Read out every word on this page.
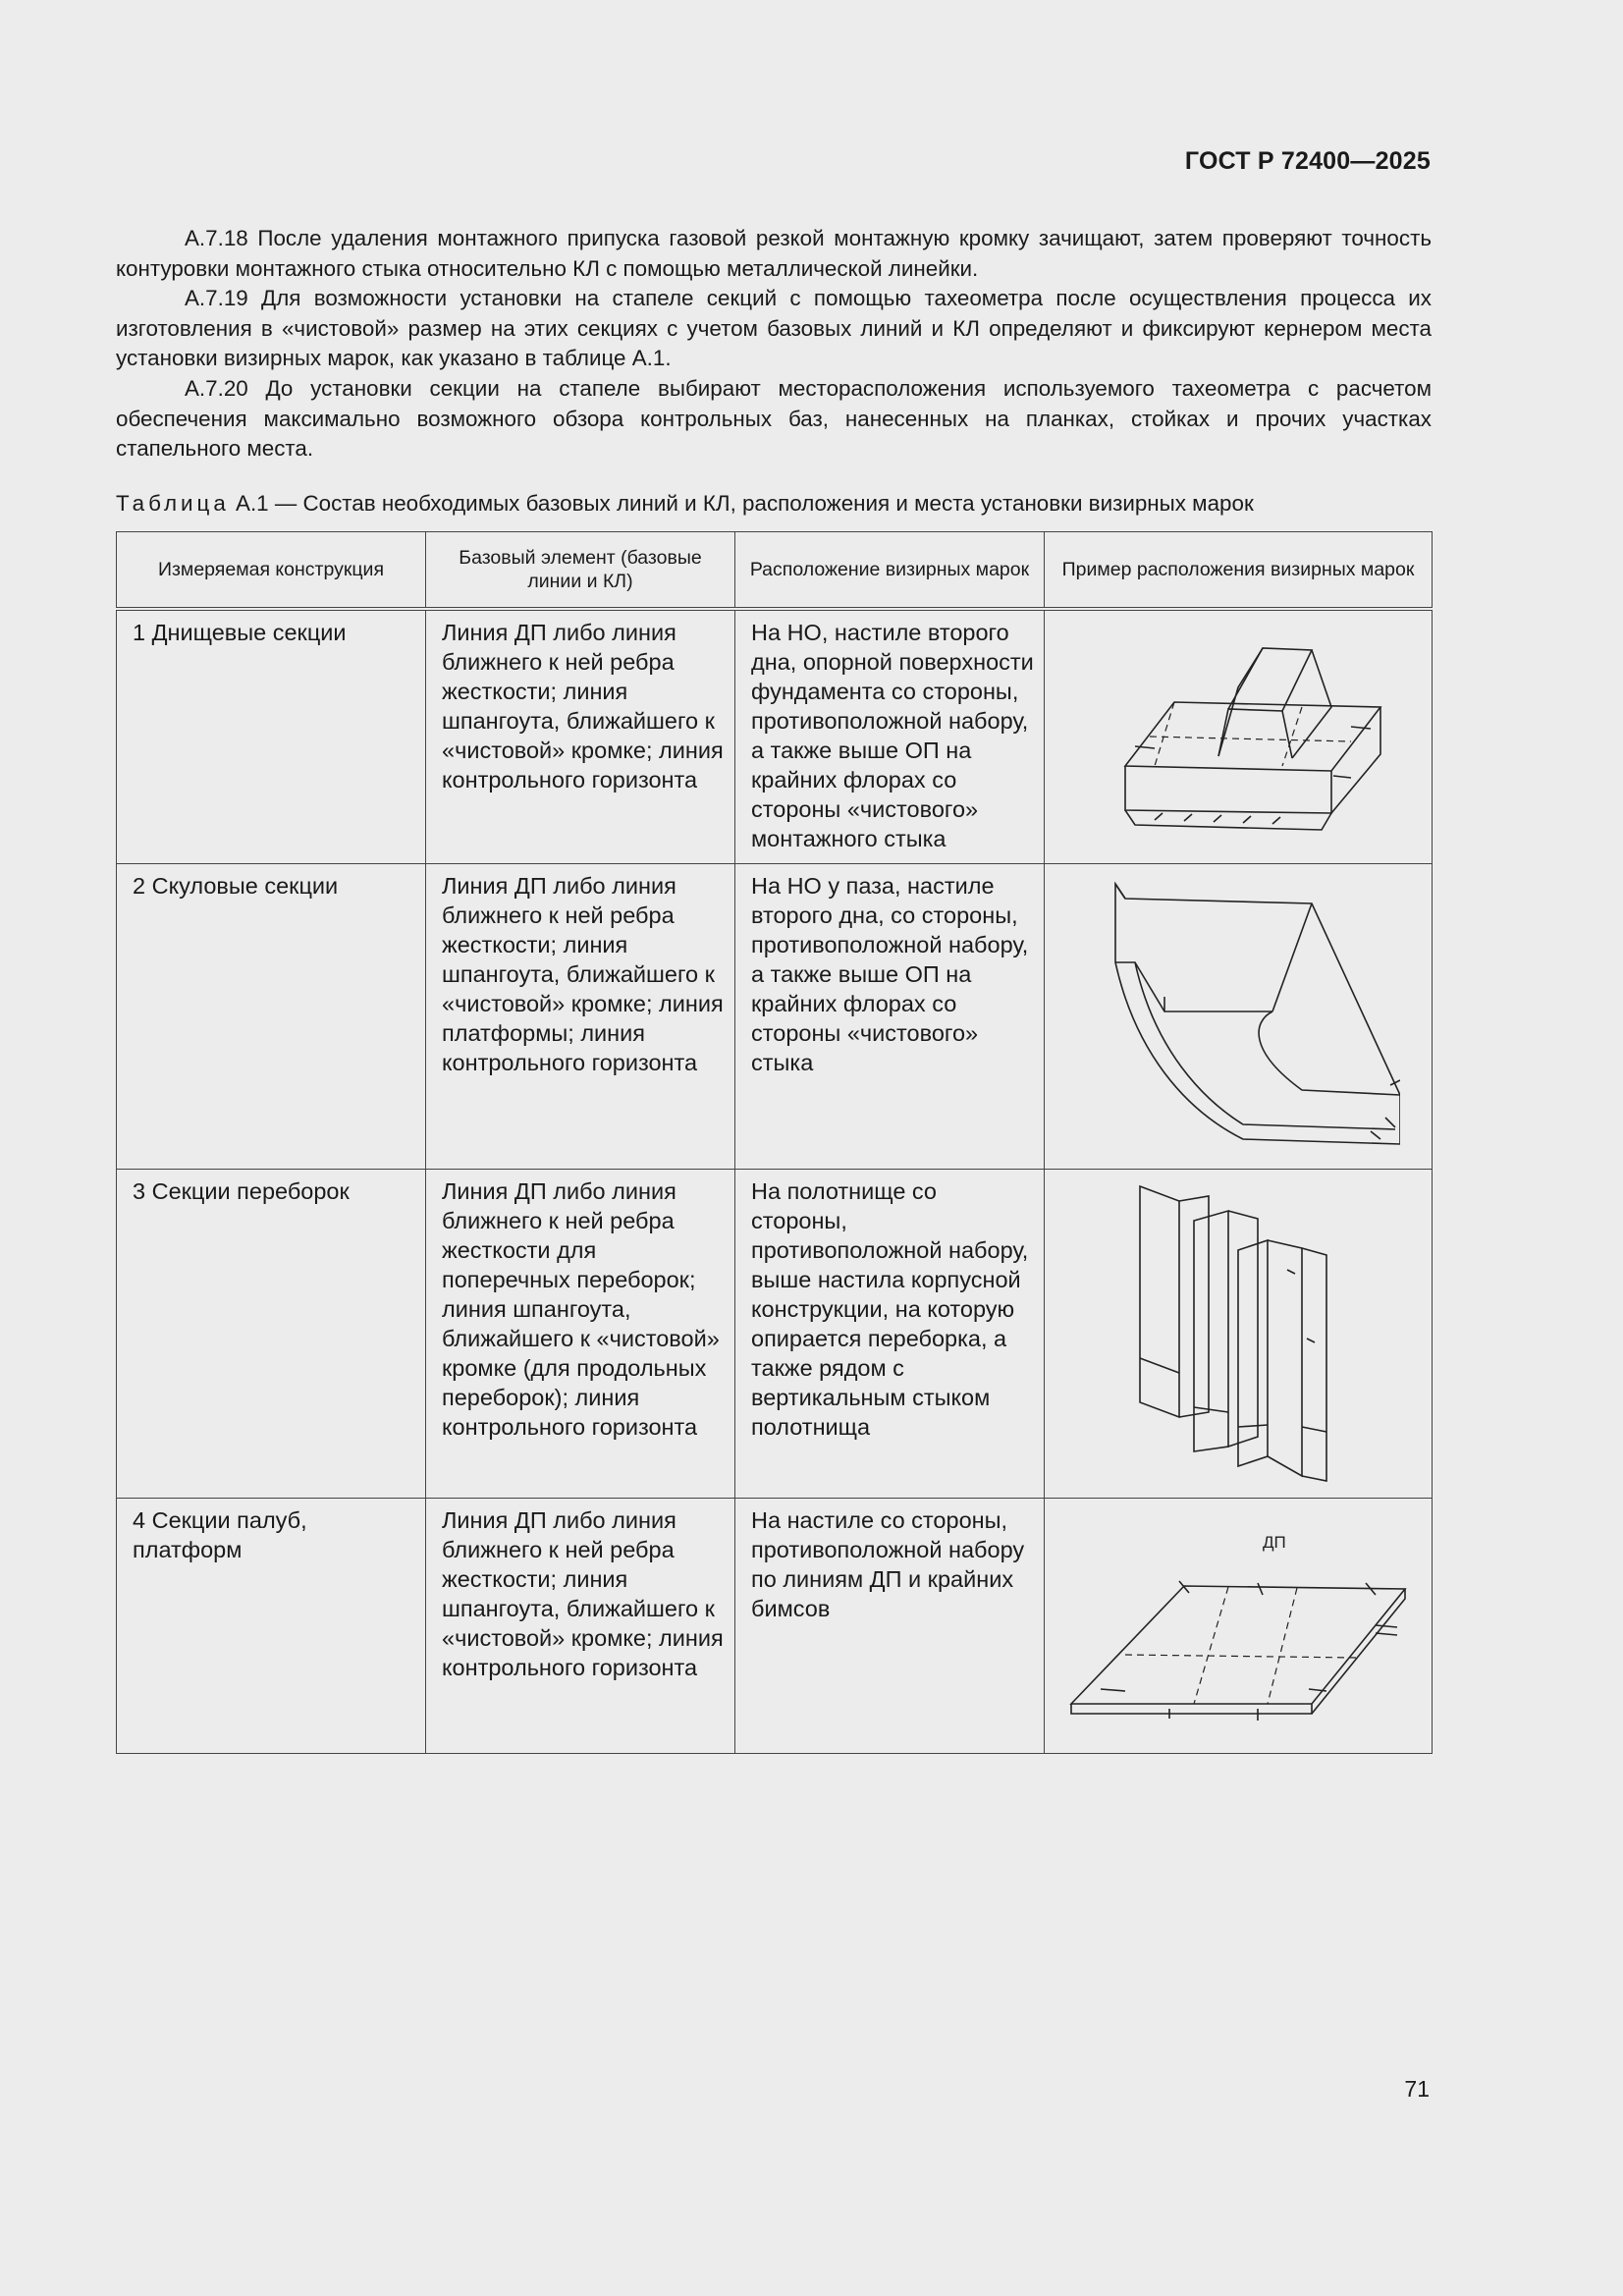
ГОСТ Р 72400—2025

А.7.18 После удаления монтажного припуска газовой резкой монтажную кромку зачищают, затем проверяют точность контуровки монтажного стыка относительно КЛ с помощью металлической линейки.

А.7.19 Для возможности установки на стапеле секций с помощью тахеометра после осуществления процесса их изготовления в «чистовой» размер на этих секциях с учетом базовых линий и КЛ определяют и фиксируют кернером места установки визирных марок, как указано в таблице А.1.

А.7.20 До установки секции на стапеле выбирают месторасположения используемого тахеометра с расчетом обеспечения максимально возможного обзора контрольных баз, нанесенных на планках, стойках и прочих участках стапельного места.

Таблица А.1 — Состав необходимых базовых линий и КЛ, расположения и места установки визирных марок
Измеряемая конструкция	Базовый элемент (базовые линии и КЛ)	Расположение визирных марок	Пример расположения визирных марок
1 Днищевые секции	Линия ДП либо линия ближнего к ней ребра жесткости; линия шпангоута, ближайшего к «чистовой» кромке; линия контрольного горизонта	На НО, настиле второго дна, опорной поверхности фундамента со стороны, противоположной набору, а также выше ОП на крайних флорах со стороны «чистового» монтажного стыка	

2 Скуловые секции	Линия ДП либо линия ближнего к ней ребра жесткости; линия шпангоута, ближайшего к «чистовой» кромке; линия платформы; линия контрольного горизонта	На НО у паза, настиле второго дна, со стороны, противоположной набору, а также выше ОП на крайних флорах со стороны «чистового» стыка	

3 Секции переборок	Линия ДП либо линия ближнего к ней ребра жесткости для поперечных переборок; линия шпангоута, ближайшего к «чистовой» кромке (для продольных переборок); линия контрольного горизонта	На полотнище со стороны, противоположной набору, выше настила корпусной конструкции, на которую опирается переборка, а также рядом с вертикальным стыком полотнища	

4 Секции палуб, платформ	Линия ДП либо линия ближнего к ней ребра жесткости; линия шпангоута, ближайшего к «чистовой» кромке; линия контрольного горизонта	На настиле со стороны, противоположной набору по линиям ДП и крайних бимсов	ДП
71
